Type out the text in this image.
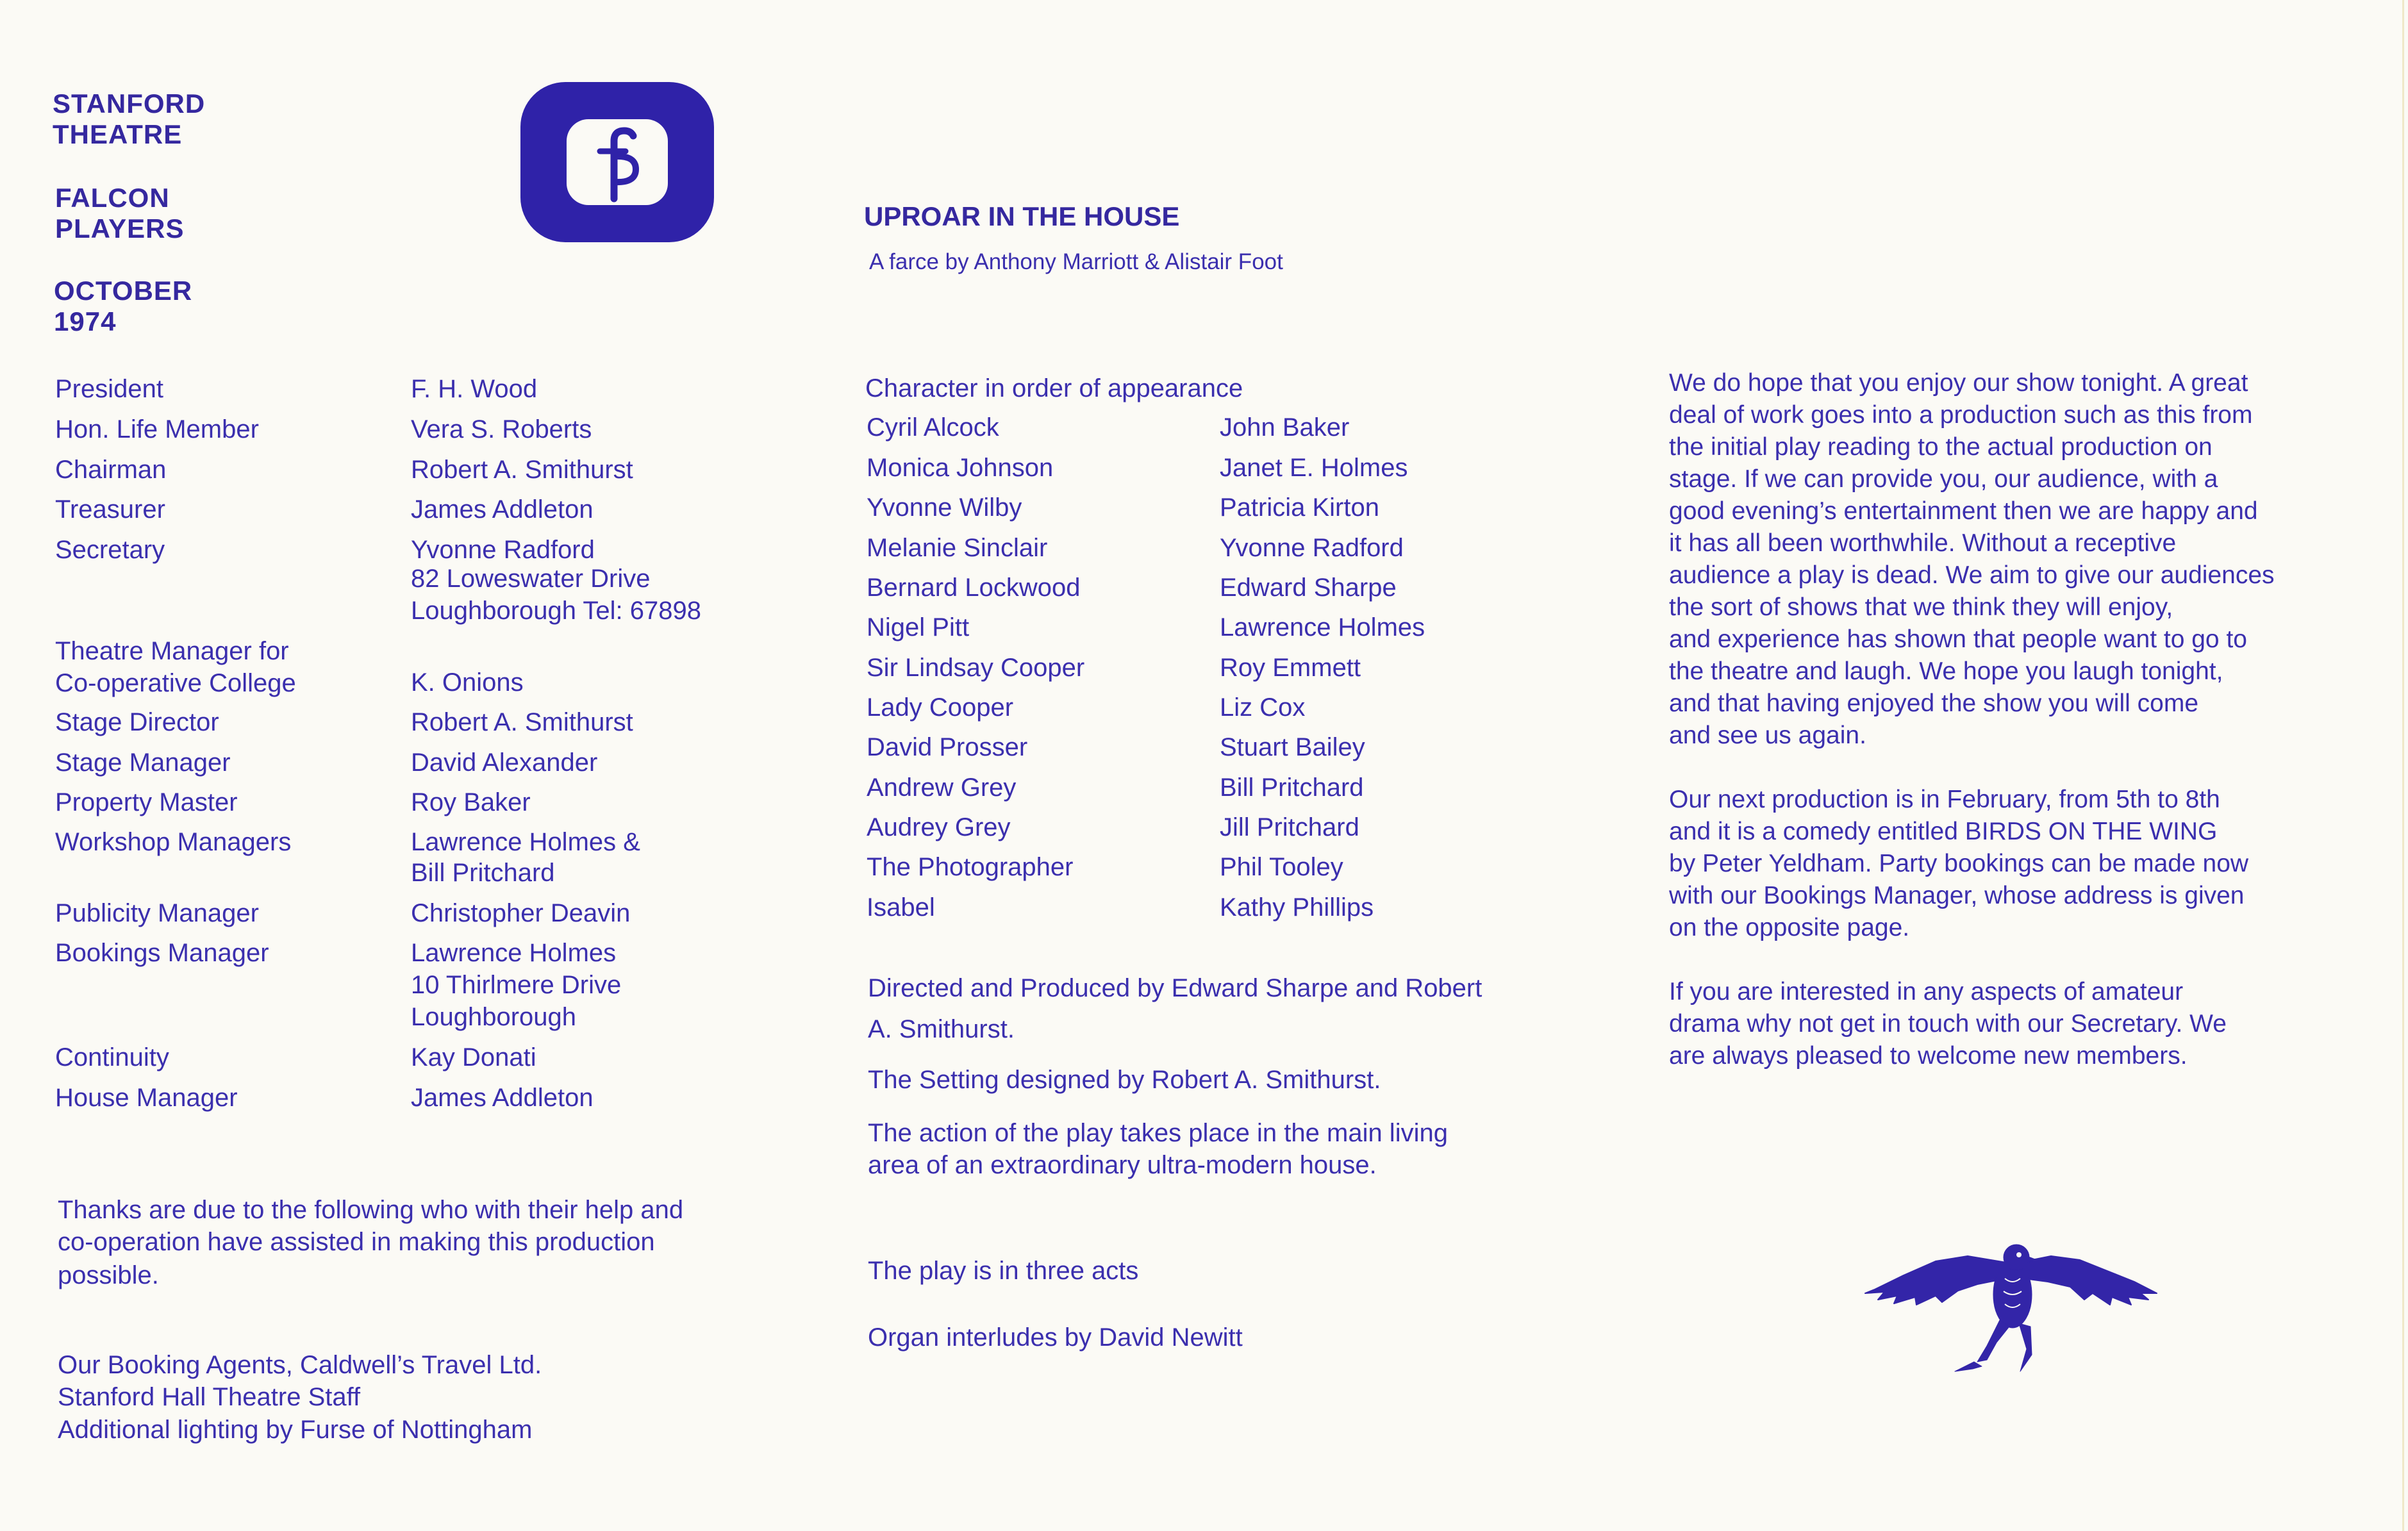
STANFORD
THEATRE
FALCON
PLAYERS
OCTOBER
1974
President	F. H. Wood
Hon. Life Member	Vera S. Roberts
Chairman	Robert A. Smithurst
Treasurer	James Addleton
Secretary	Yvonne Radford
82 Loweswater Drive
Loughborough Tel: 67898
Theatre Manager for
Co-operative College	K. Onions
Stage Director	Robert A. Smithurst
Stage Manager	David Alexander
Property Master	Roy Baker
Workshop Managers	Lawrence Holmes &
Bill Pritchard
Publicity Manager	Christopher Deavin
Bookings Manager	Lawrence Holmes
10 Thirlmere Drive
Loughborough
Continuity	Kay Donati
House Manager	James Addleton
Thanks are due to the following who with their help and
co-operation have assisted in making this production
possible.
Our Booking Agents, Caldwell’s Travel Ltd.
Stanford Hall Theatre Staff
Additional lighting by Furse of Nottingham
UPROAR IN THE HOUSE
A farce by Anthony Marriott & Alistair Foot
Character in order of appearance
Cyril Alcock	John Baker
Monica Johnson	Janet E. Holmes
Yvonne Wilby	Patricia Kirton
Melanie Sinclair	Yvonne Radford
Bernard Lockwood	Edward Sharpe
Nigel Pitt	Lawrence Holmes
Sir Lindsay Cooper	Roy Emmett
Lady Cooper	Liz Cox
David Prosser	Stuart Bailey
Andrew Grey	Bill Pritchard
Audrey Grey	Jill Pritchard
The Photographer	Phil Tooley
Isabel	Kathy Phillips
Directed and Produced by Edward Sharpe and Robert
A. Smithurst.
The Setting designed by Robert A. Smithurst.
The action of the play takes place in the main living
area of an extraordinary ultra-modern house.
The play is in three acts
Organ interludes by David Newitt
We do hope that you enjoy our show tonight. A great
deal of work goes into a production such as this from
the initial play reading to the actual production on
stage. If we can provide you, our audience, with a
good evening’s entertainment then we are happy and
it has all been worthwhile. Without a receptive
audience a play is dead. We aim to give our audiences
the sort of shows that we think they will enjoy,
and experience has shown that people want to go to
the theatre and laugh. We hope you laugh tonight,
and that having enjoyed the show you will come
and see us again.
Our next production is in February, from 5th to 8th
and it is a comedy entitled BIRDS ON THE WING
by Peter Yeldham. Party bookings can be made now
with our Bookings Manager, whose address is given
on the opposite page.
If you are interested in any aspects of amateur
drama why not get in touch with our Secretary. We
are always pleased to welcome new members.
